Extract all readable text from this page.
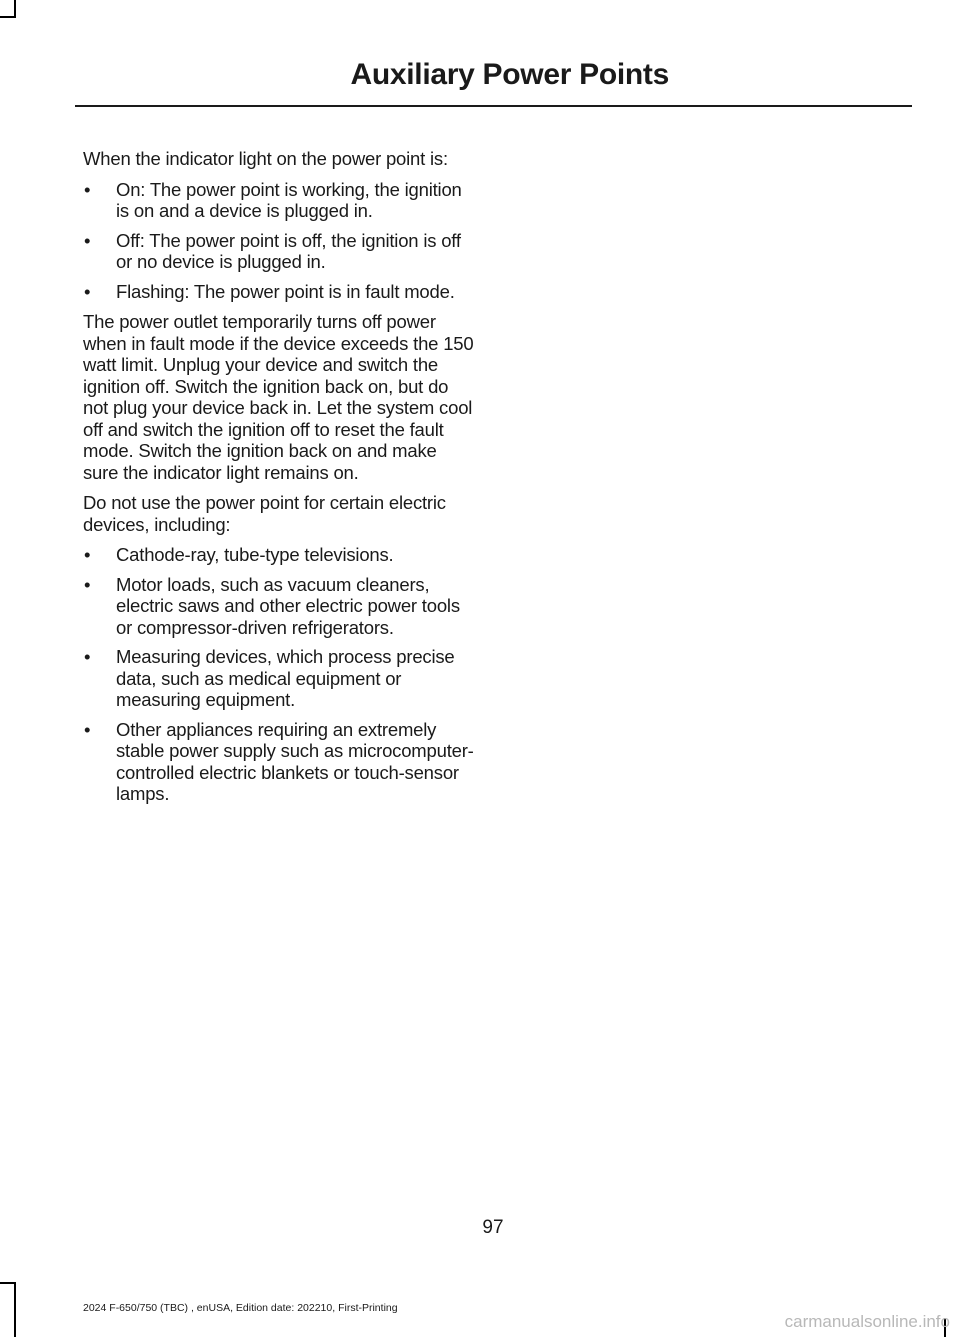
Auxiliary Power Points

When the indicator light on the power point is:

• On: The power point is working, the ignition is on and a device is plugged in.
• Off: The power point is off, the ignition is off or no device is plugged in.
• Flashing: The power point is in fault mode.

The power outlet temporarily turns off power when in fault mode if the device exceeds the 150 watt limit. Unplug your device and switch the ignition off. Switch the ignition back on, but do not plug your device back in. Let the system cool off and switch the ignition off to reset the fault mode. Switch the ignition back on and make sure the indicator light remains on.

Do not use the power point for certain electric devices, including:

• Cathode-ray, tube-type televisions.
• Motor loads, such as vacuum cleaners, electric saws and other electric power tools or compressor-driven refrigerators.
• Measuring devices, which process precise data, such as medical equipment or measuring equipment.
• Other appliances requiring an extremely stable power supply such as microcomputer-controlled electric blankets or touch-sensor lamps.
97
2024 F-650/750 (TBC) , enUSA, Edition date: 202210, First-Printing
carmanualsonline.info
